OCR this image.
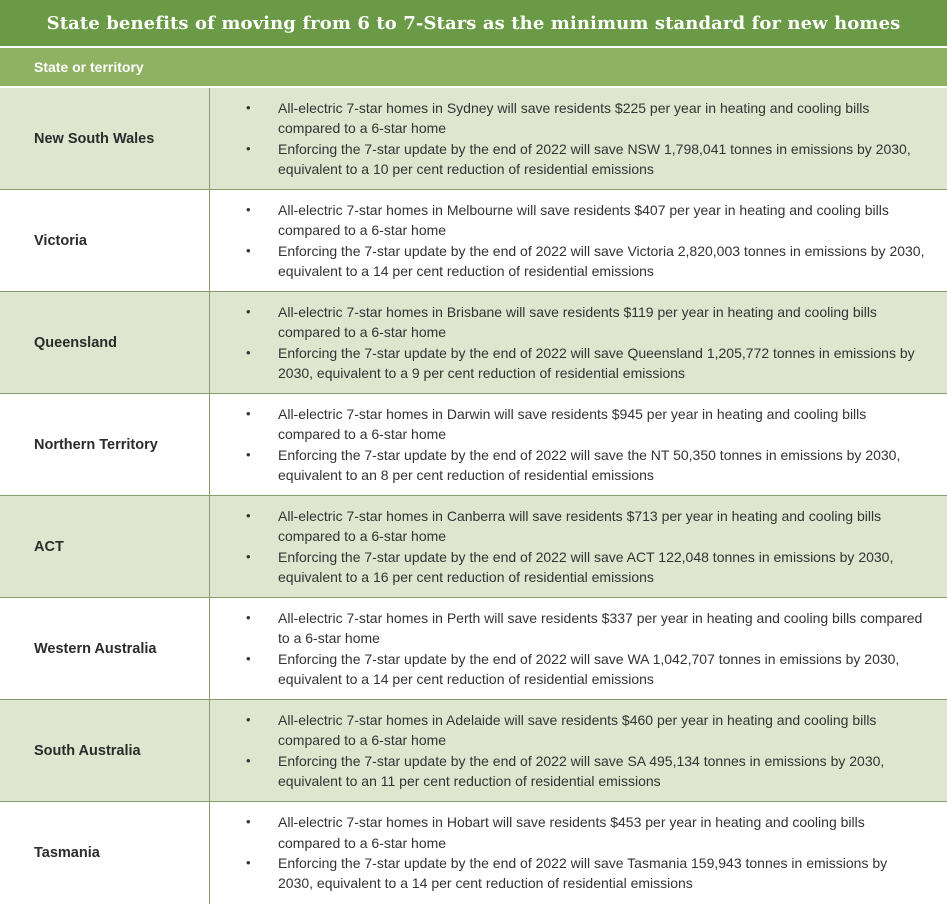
State benefits of moving from 6 to 7-Stars as the minimum standard for new homes
State or territory
New South Wales
•	All-electric 7-star homes in Sydney will save residents $225 per year in heating and cooling bills compared to a 6-star home
•	Enforcing the 7-star update by the end of 2022 will save NSW 1,798,041 tonnes in emissions by 2030, equivalent to a 10 per cent reduction of residential emissions
Victoria
•	All-electric 7-star homes in Melbourne will save residents $407 per year in heating and cooling bills compared to a 6-star home
•	Enforcing the 7-star update by the end of 2022 will save Victoria 2,820,003 tonnes in emissions by 2030, equivalent to a 14 per cent reduction of residential emissions
Queensland
•	All-electric 7-star homes in Brisbane will save residents $119 per year in heating and cooling bills compared to a 6-star home
•	Enforcing the 7-star update by the end of 2022 will save Queensland 1,205,772 tonnes in emissions by 2030, equivalent to a 9 per cent reduction of residential emissions
Northern Territory
•	All-electric 7-star homes in Darwin will save residents $945 per year in heating and cooling bills compared to a 6-star home
•	Enforcing the 7-star update by the end of 2022 will save the NT 50,350 tonnes in emissions by 2030, equivalent to an 8 per cent reduction of residential emissions
ACT
•	All-electric 7-star homes in Canberra will save residents $713 per year in heating and cooling bills compared to a 6-star home
•	Enforcing the 7-star update by the end of 2022 will save ACT 122,048 tonnes in emissions by 2030, equivalent to a 16 per cent reduction of residential emissions
Western Australia
•	All-electric 7-star homes in Perth will save residents $337 per year in heating and cooling bills compared to a 6-star home
•	Enforcing the 7-star update by the end of 2022 will save WA 1,042,707 tonnes in emissions by 2030, equivalent to a 14 per cent reduction of residential emissions
South Australia
•	All-electric 7-star homes in Adelaide will save residents $460 per year in heating and cooling bills compared to a 6-star home
•	Enforcing the 7-star update by the end of 2022 will save SA 495,134 tonnes in emissions by 2030, equivalent to an 11 per cent reduction of residential emissions
Tasmania
•	All-electric 7-star homes in Hobart will save residents $453 per year in heating and cooling bills compared to a 6-star home
•	Enforcing the 7-star update by the end of 2022 will save Tasmania 159,943 tonnes in emissions by 2030, equivalent to a 14 per cent reduction of residential emissions
